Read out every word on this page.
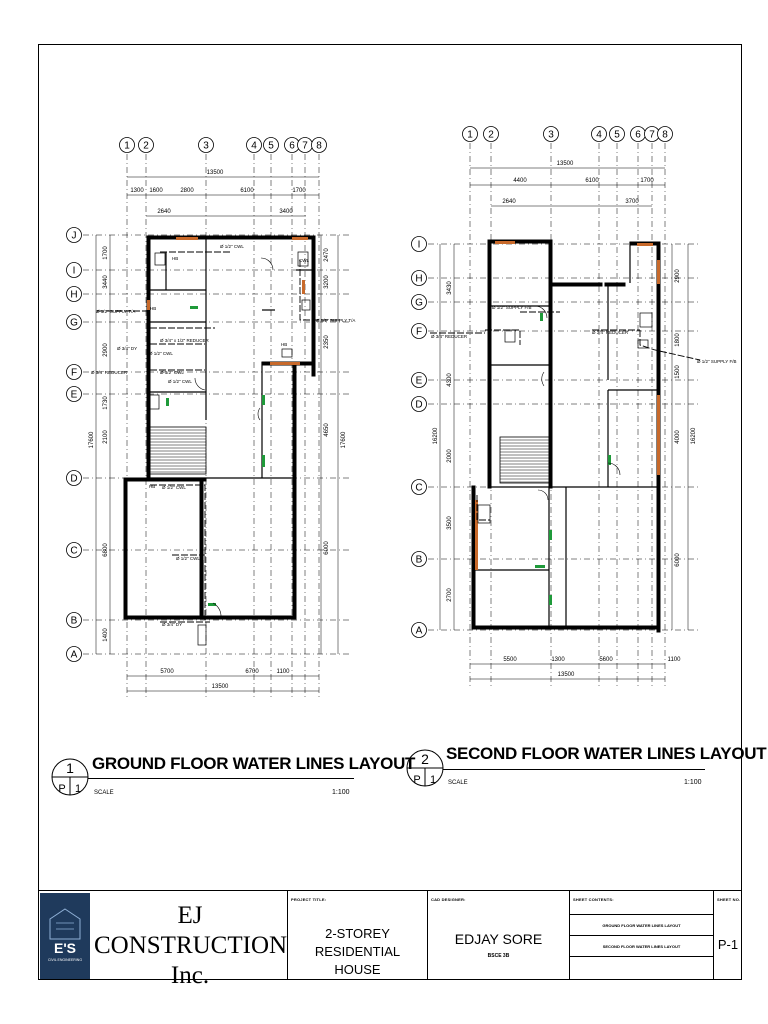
1 2	3	4 5 6 7 8
J
I
H
G
F
E
D
C
B
A
13500
1300 1600	2800	6100	1700
2640	3400
5700	6700	1100
13500
1700
3440
2900
1730
2100
6800
1400
17600
2470
3200
2350
4650
6000
17600
Ø 1/2" CWL
Ø 1/2" SUPPLY T/A
Ø 1/2" SUPPLY T/A
Ø 3/4" x 1/2" REDUCER
Ø 3/4" DY
Ø 1/2" CWL
Ø 1/2" CWL
Ø 3/4" REDUCER
Ø 1/2" CWL
Ø 1/2" CWL
Ø 1/2" CWL
Ø 3/4" DY
HB
HB
HB
HB
CWL
1 2	3	4 5 6 7 8
I
H
G
F
E
D
C
B
A
13500
4400	6100	1700
2640	3700
5500	1300	5600	1100
13500
3430
4300
2000
3500
2700
16200
2900
1800
1500
4000
6000
16200
Ø 1/2" SUPPLY F/B
Ø 3/4" REDUCER
Ø 1/2" SUPPLY F/B
Ø 3/4" REDUCER
1
P 1
GROUND FLOOR WATER LINES LAYOUT
SCALE	1:100
2
P 1
SECOND FLOOR WATER LINES LAYOUT
SCALE	1:100
E'S
CIVIL ENGINEERING
EJ CONSTRUCTION
Inc.
PROJECT TITLE:
2-STOREY RESIDENTIAL HOUSE
CAD DESIGNER:
EDJAY SORE
BSCE 3B
SHEET CONTENTS:
GROUND FLOOR WATER LINES LAYOUT
SECOND FLOOR WATER LINES LAYOUT
SHEET NO.
P-1
